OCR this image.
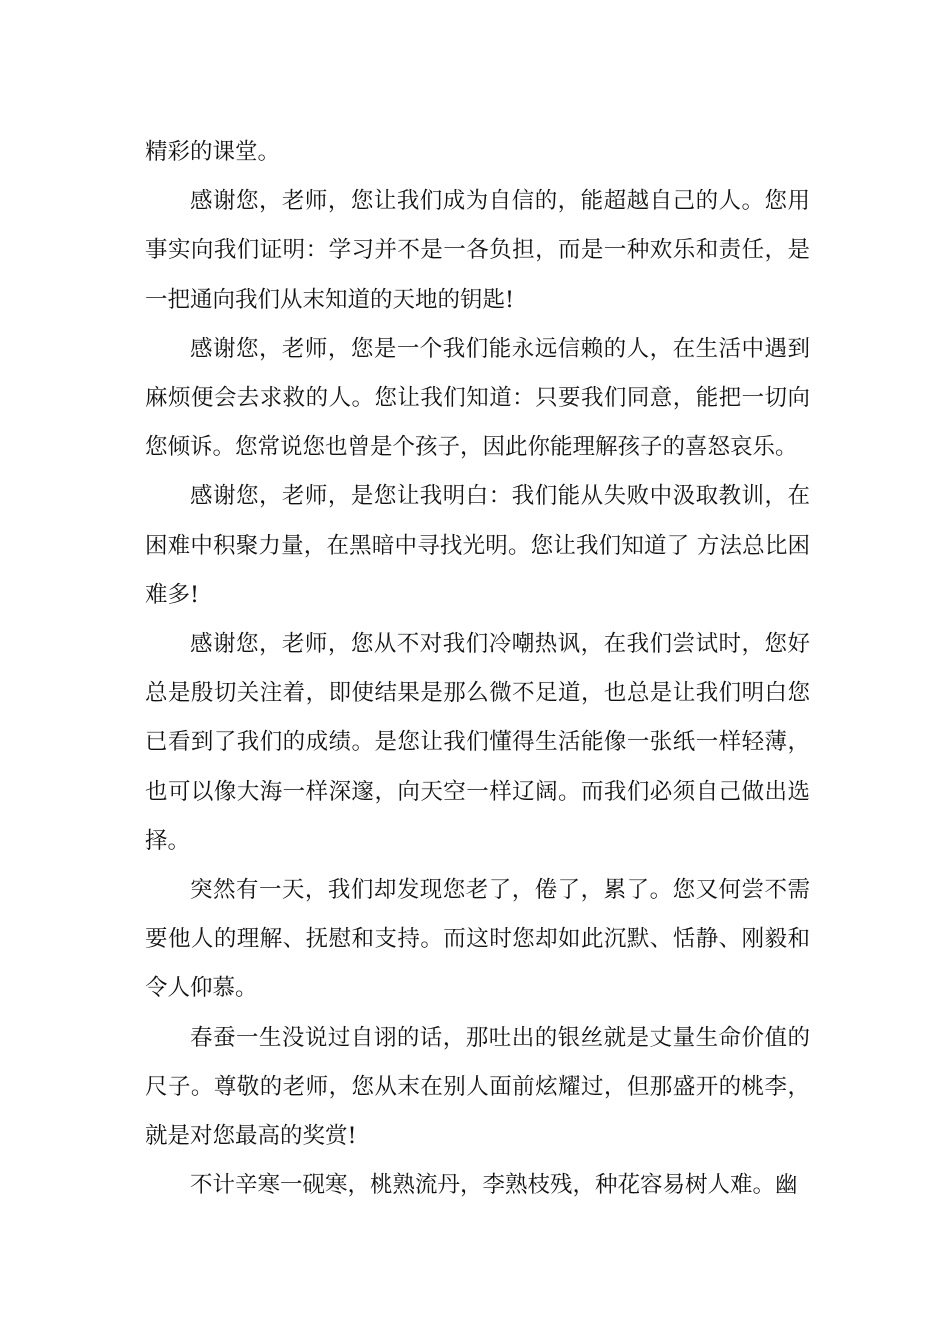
精彩的课堂。

感谢您，老师，您让我们成为自信的，能超越自己的人。您用事实向我们证明：学习并不是一各负担，而是一种欢乐和责任，是一把通向我们从末知道的天地的钥匙!

感谢您，老师，您是一个我们能永远信赖的人，在生活中遇到麻烦便会去求救的人。您让我们知道：只要我们同意，能把一切向您倾诉。您常说您也曾是个孩子，因此你能理解孩子的喜怒哀乐。

感谢您，老师，是您让我明白：我们能从失败中汲取教训，在困难中积聚力量，在黑暗中寻找光明。您让我们知道了 方法总比困难多!

感谢您，老师，您从不对我们冷嘲热讽，在我们尝试时，您好总是殷切关注着，即使结果是那么微不足道，也总是让我们明白您已看到了我们的成绩。是您让我们懂得生活能像一张纸一样轻薄，也可以像大海一样深邃，向天空一样辽阔。而我们必须自己做出选择。

突然有一天，我们却发现您老了，倦了，累了。您又何尝不需要他人的理解、抚慰和支持。而这时您却如此沉默、恬静、刚毅和令人仰慕。

春蚕一生没说过自诩的话，那吐出的银丝就是丈量生命价值的尺子。尊敬的老师，您从末在别人面前炫耀过，但那盛开的桃李，就是对您最高的奖赏!

不计辛寒一砚寒，桃熟流丹，李熟枝残，种花容易树人难。幽
